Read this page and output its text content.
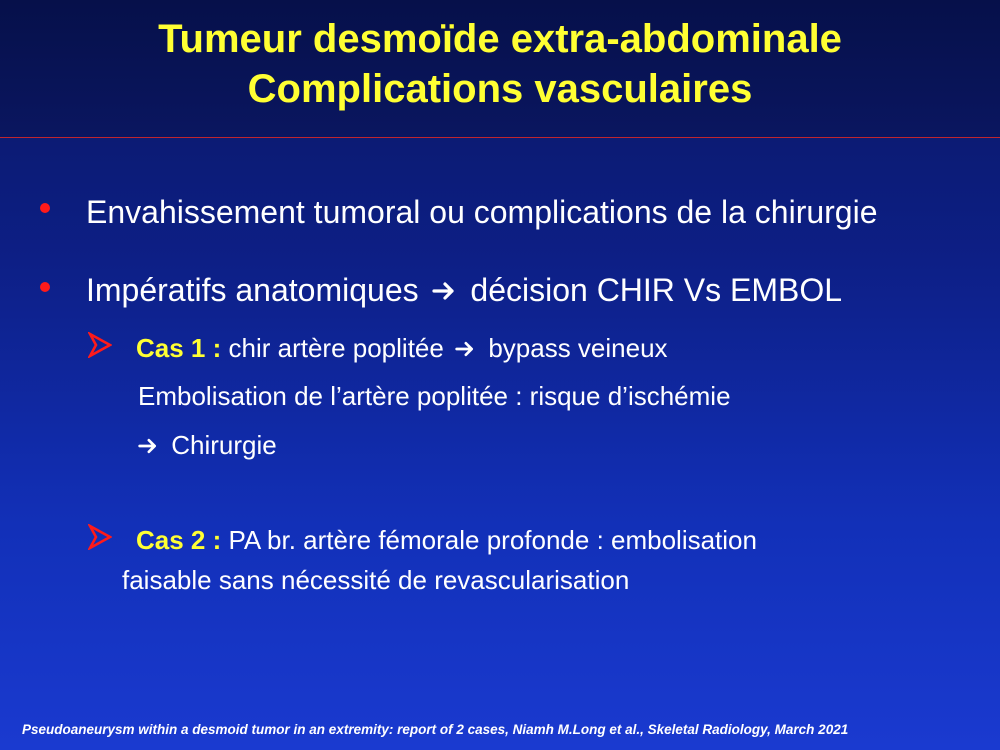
Tumeur desmoïde extra-abdominale
Complications vasculaires
Envahissement tumoral ou complications de la chirurgie
Impératifs anatomiques décision CHIR Vs EMBOL
Cas 1 : chir artère poplitée bypass veineux
Embolisation de l’artère poplitée : risque d’ischémie
Chirurgie
Cas 2 : PA br. artère fémorale profonde : embolisation
faisable sans nécessité de revascularisation
Pseudoaneurysm within a desmoid tumor in an extremity: report of 2 cases, Niamh M.Long et al., Skeletal Radiology, March 2021
